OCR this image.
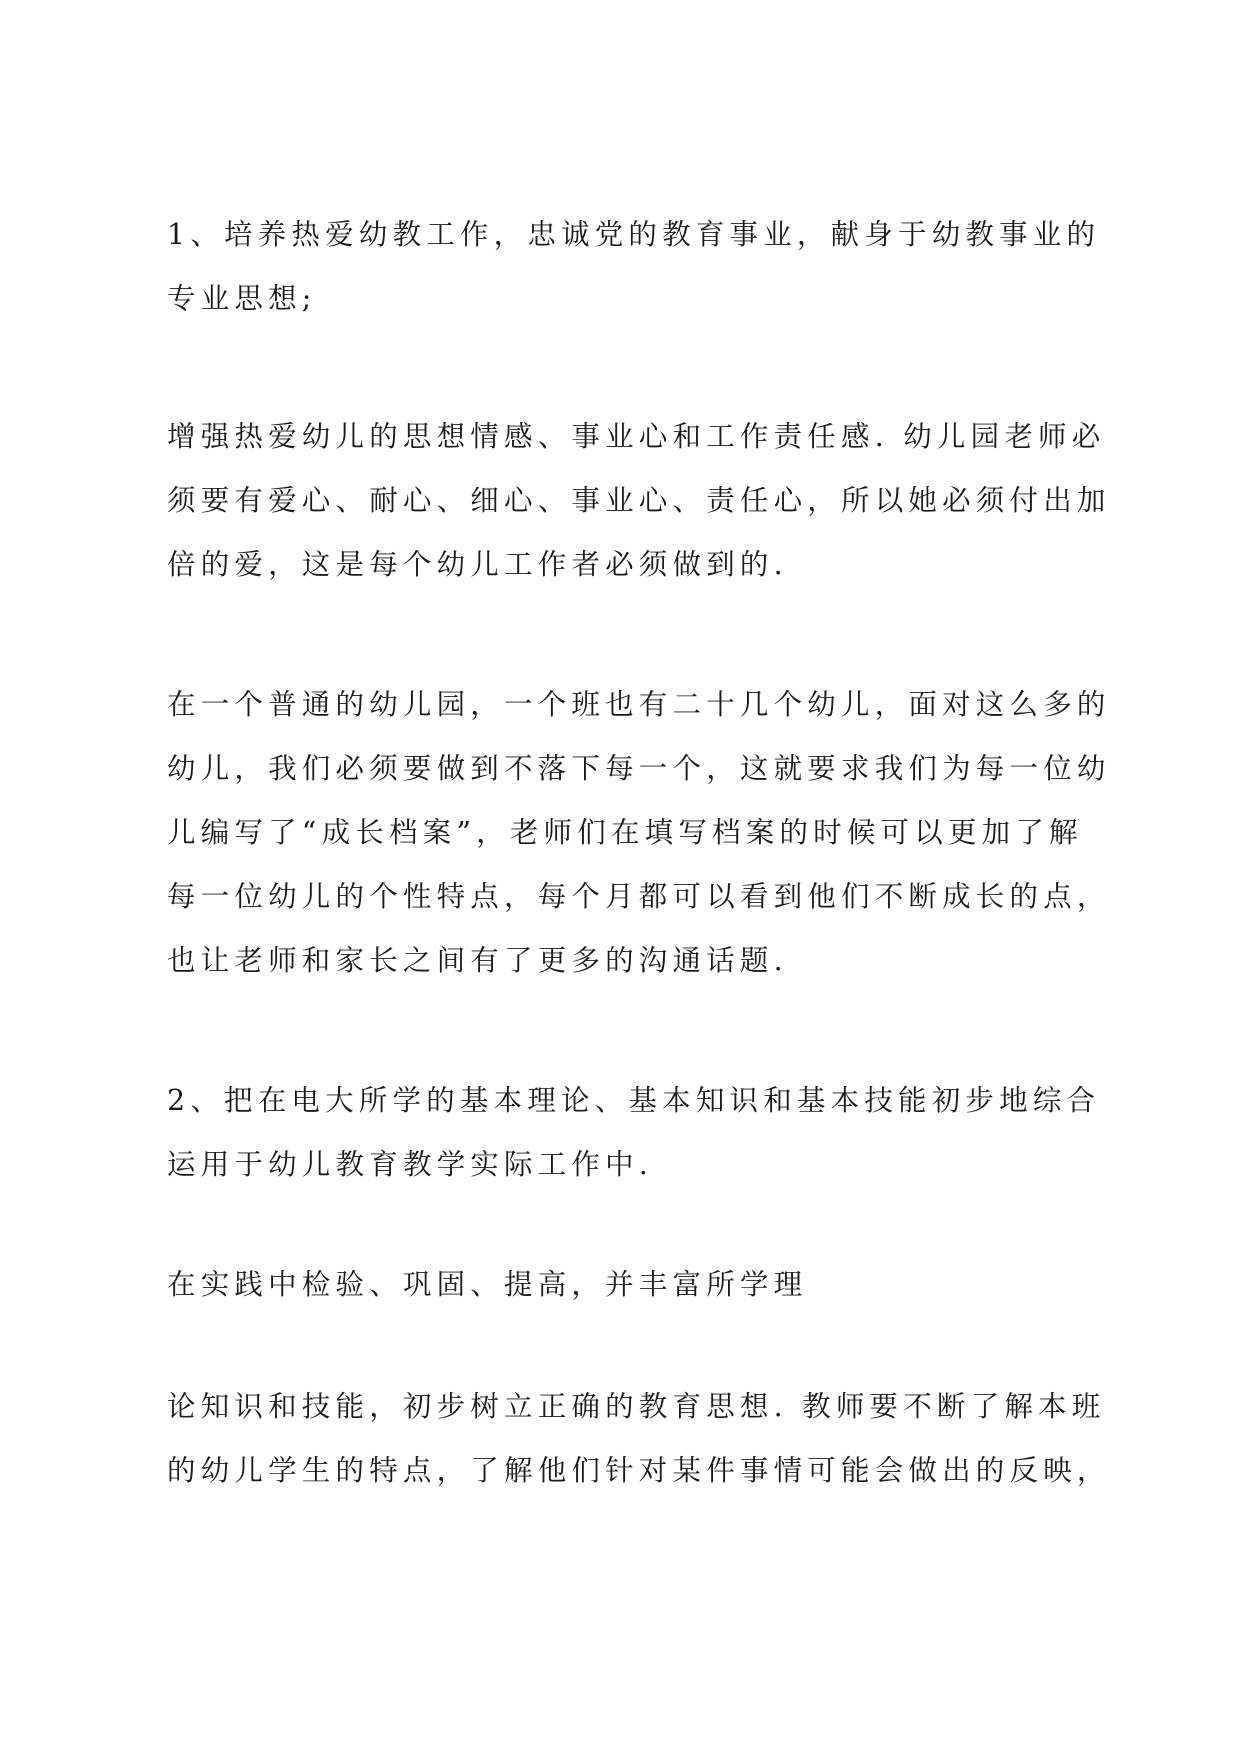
1、培养热爱幼教工作，忠诚党的教育事业，献身于幼教事业的
专业思想;
增强热爱幼儿的思想情感、事业心和工作责任感. 幼儿园老师必
须要有爱心、耐心、细心、事业心、责任心，所以她必须付出加
倍的爱，这是每个幼儿工作者必须做到的.
在一个普通的幼儿园，一个班也有二十几个幼儿，面对这么多的
幼儿，我们必须要做到不落下每一个，这就要求我们为每一位幼
儿编写了“成长档案”，老师们在填写档案的时候可以更加了解
每一位幼儿的个性特点，每个月都可以看到他们不断成长的点，
也让老师和家长之间有了更多的沟通话题.
2、把在电大所学的基本理论、基本知识和基本技能初步地综合
运用于幼儿教育教学实际工作中.
在实践中检验、巩固、提高，并丰富所学理
论知识和技能，初步树立正确的教育思想. 教师要不断了解本班
的幼儿学生的特点，了解他们针对某件事情可能会做出的反映，
